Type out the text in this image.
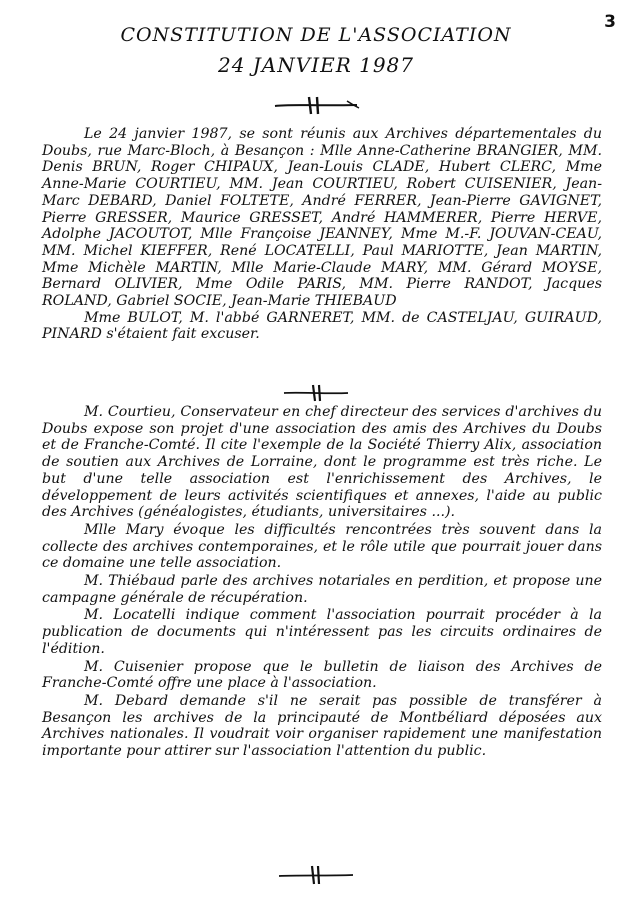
3

CONSTITUTION DE L'ASSOCIATION

24 JANVIER 1987

Le 24 janvier 1987, se sont réunis aux Archives départementales du Doubs, rue Marc-Bloch, à Besançon : Mlle Anne-Catherine BRANGIER, MM. Denis BRUN, Roger CHIPAUX, Jean-Louis CLADE, Hubert CLERC, Mme Anne-Marie COURTIEU, MM. Jean COURTIEU, Robert CUISENIER, Jean-Marc DEBARD, Daniel FOLTETE, André FERRER, Jean-Pierre GAVIGNET, Pierre GRESSER, Maurice GRESSET, André HAMMERER, Pierre HERVE, Adolphe JACOUTOT, Mlle Françoise JEANNEY, Mme M.-F. JOUVAN-CEAU, MM. Michel KIEFFER, René LOCATELLI, Paul MARIOTTE, Jean MARTIN, Mme Michèle MARTIN, Mlle Marie-Claude MARY, MM. Gérard MOYSE, Bernard OLIVIER, Mme Odile PARIS, MM. Pierre RANDOT, Jacques ROLAND, Gabriel SOCIE, Jean-Marie THIEBAUD

Mme BULOT, M. l'abbé GARNERET, MM. de CASTELJAU, GUIRAUD, PINARD s'étaient fait excuser.

M. Courtieu, Conservateur en chef directeur des services d'archives du Doubs expose son projet d'une association des amis des Archives du Doubs et de Franche-Comté. Il cite l'exemple de la Société Thierry Alix, association de soutien aux Archives de Lorraine, dont le programme est très riche. Le but d'une telle association est l'enrichissement des Archives, le développement de leurs activités scientifiques et annexes, l'aide au public des Archives (généalogistes, étudiants, universitaires ...).

Mlle Mary évoque les difficultés rencontrées très souvent dans la collecte des archives contemporaines, et le rôle utile que pourrait jouer dans ce domaine une telle association.

M. Thiébaud parle des archives notariales en perdition, et propose une campagne générale de récupération.

M. Locatelli indique comment l'association pourrait procéder à la publication de documents qui n'intéressent pas les circuits ordinaires de l'édition.

M. Cuisenier propose que le bulletin de liaison des Archives de Franche-Comté offre une place à l'association.

M. Debard demande s'il ne serait pas possible de transférer à Besançon les archives de la principauté de Montbéliard déposées aux Archives nationales. Il voudrait voir organiser rapidement une manifestation importante pour attirer sur l'association l'attention du public.
